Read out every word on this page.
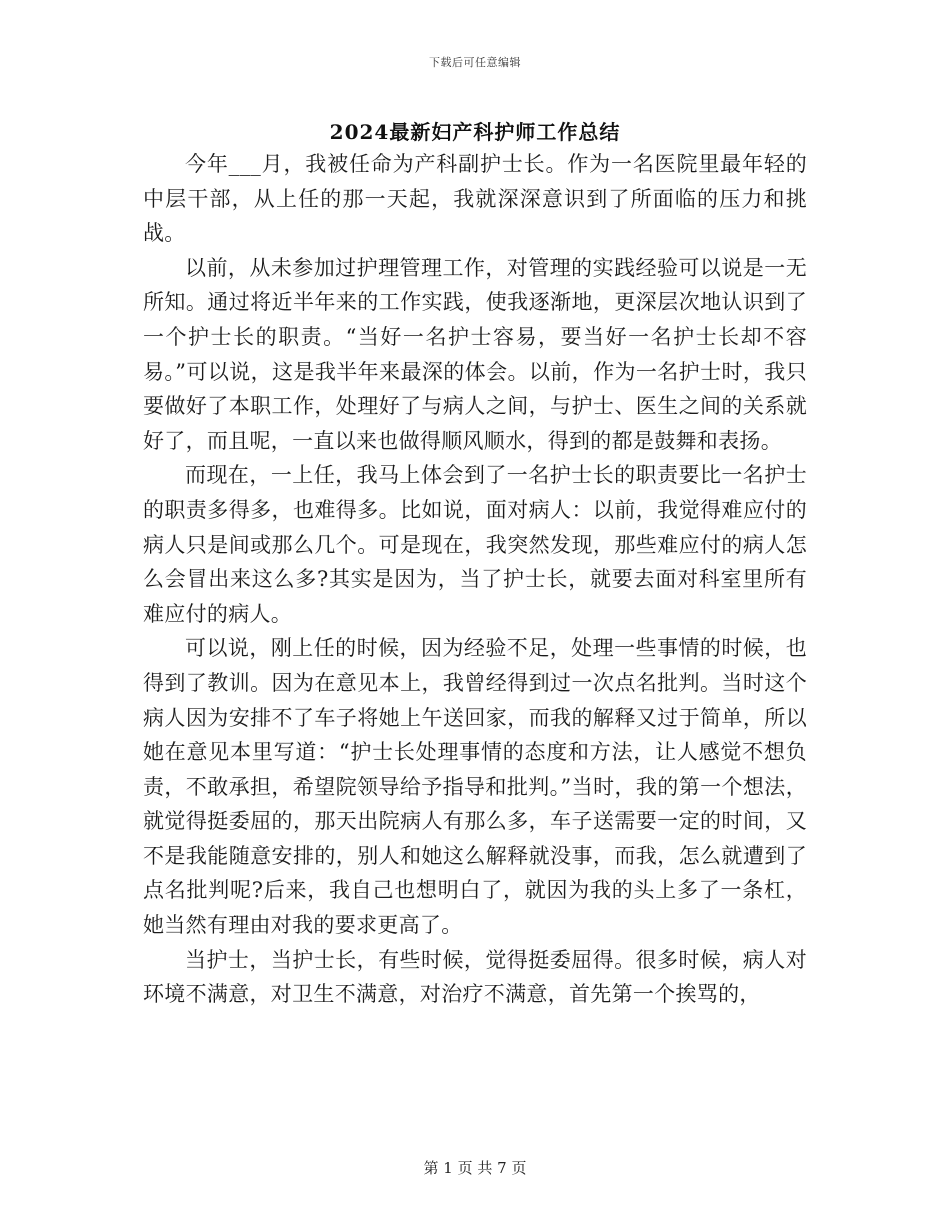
下载后可任意编辑
2024最新妇产科护师工作总结

今年___月，我被任命为产科副护士长。作为一名医院里最年轻的中层干部，从上任的那一天起，我就深深意识到了所面临的压力和挑战。

以前，从未参加过护理管理工作，对管理的实践经验可以说是一无所知。通过将近半年来的工作实践，使我逐渐地，更深层次地认识到了一个护士长的职责。“当好一名护士容易，要当好一名护士长却不容易。”可以说，这是我半年来最深的体会。以前，作为一名护士时，我只要做好了本职工作，处理好了与病人之间，与护士、医生之间的关系就好了，而且呢，一直以来也做得顺风顺水，得到的都是鼓舞和表扬。

而现在，一上任，我马上体会到了一名护士长的职责要比一名护士的职责多得多，也难得多。比如说，面对病人：以前，我觉得难应付的病人只是间或那么几个。可是现在，我突然发现，那些难应付的病人怎么会冒出来这么多?其实是因为，当了护士长，就要去面对科室里所有难应付的病人。

可以说，刚上任的时候，因为经验不足，处理一些事情的时候，也得到了教训。因为在意见本上，我曾经得到过一次点名批判。当时这个病人因为安排不了车子将她上午送回家，而我的解释又过于简单，所以她在意见本里写道：“护士长处理事情的态度和方法，让人感觉不想负责，不敢承担，希望院领导给予指导和批判。”当时，我的第一个想法，就觉得挺委屈的，那天出院病人有那么多，车子送需要一定的时间，又不是我能随意安排的，别人和她这么解释就没事，而我，怎么就遭到了点名批判呢?后来，我自己也想明白了，就因为我的头上多了一条杠，她当然有理由对我的要求更高了。

当护士，当护士长，有些时候，觉得挺委屈得。很多时候，病人对环境不满意，对卫生不满意，对治疗不满意，首先第一个挨骂的，

第 1 页 共 7 页
